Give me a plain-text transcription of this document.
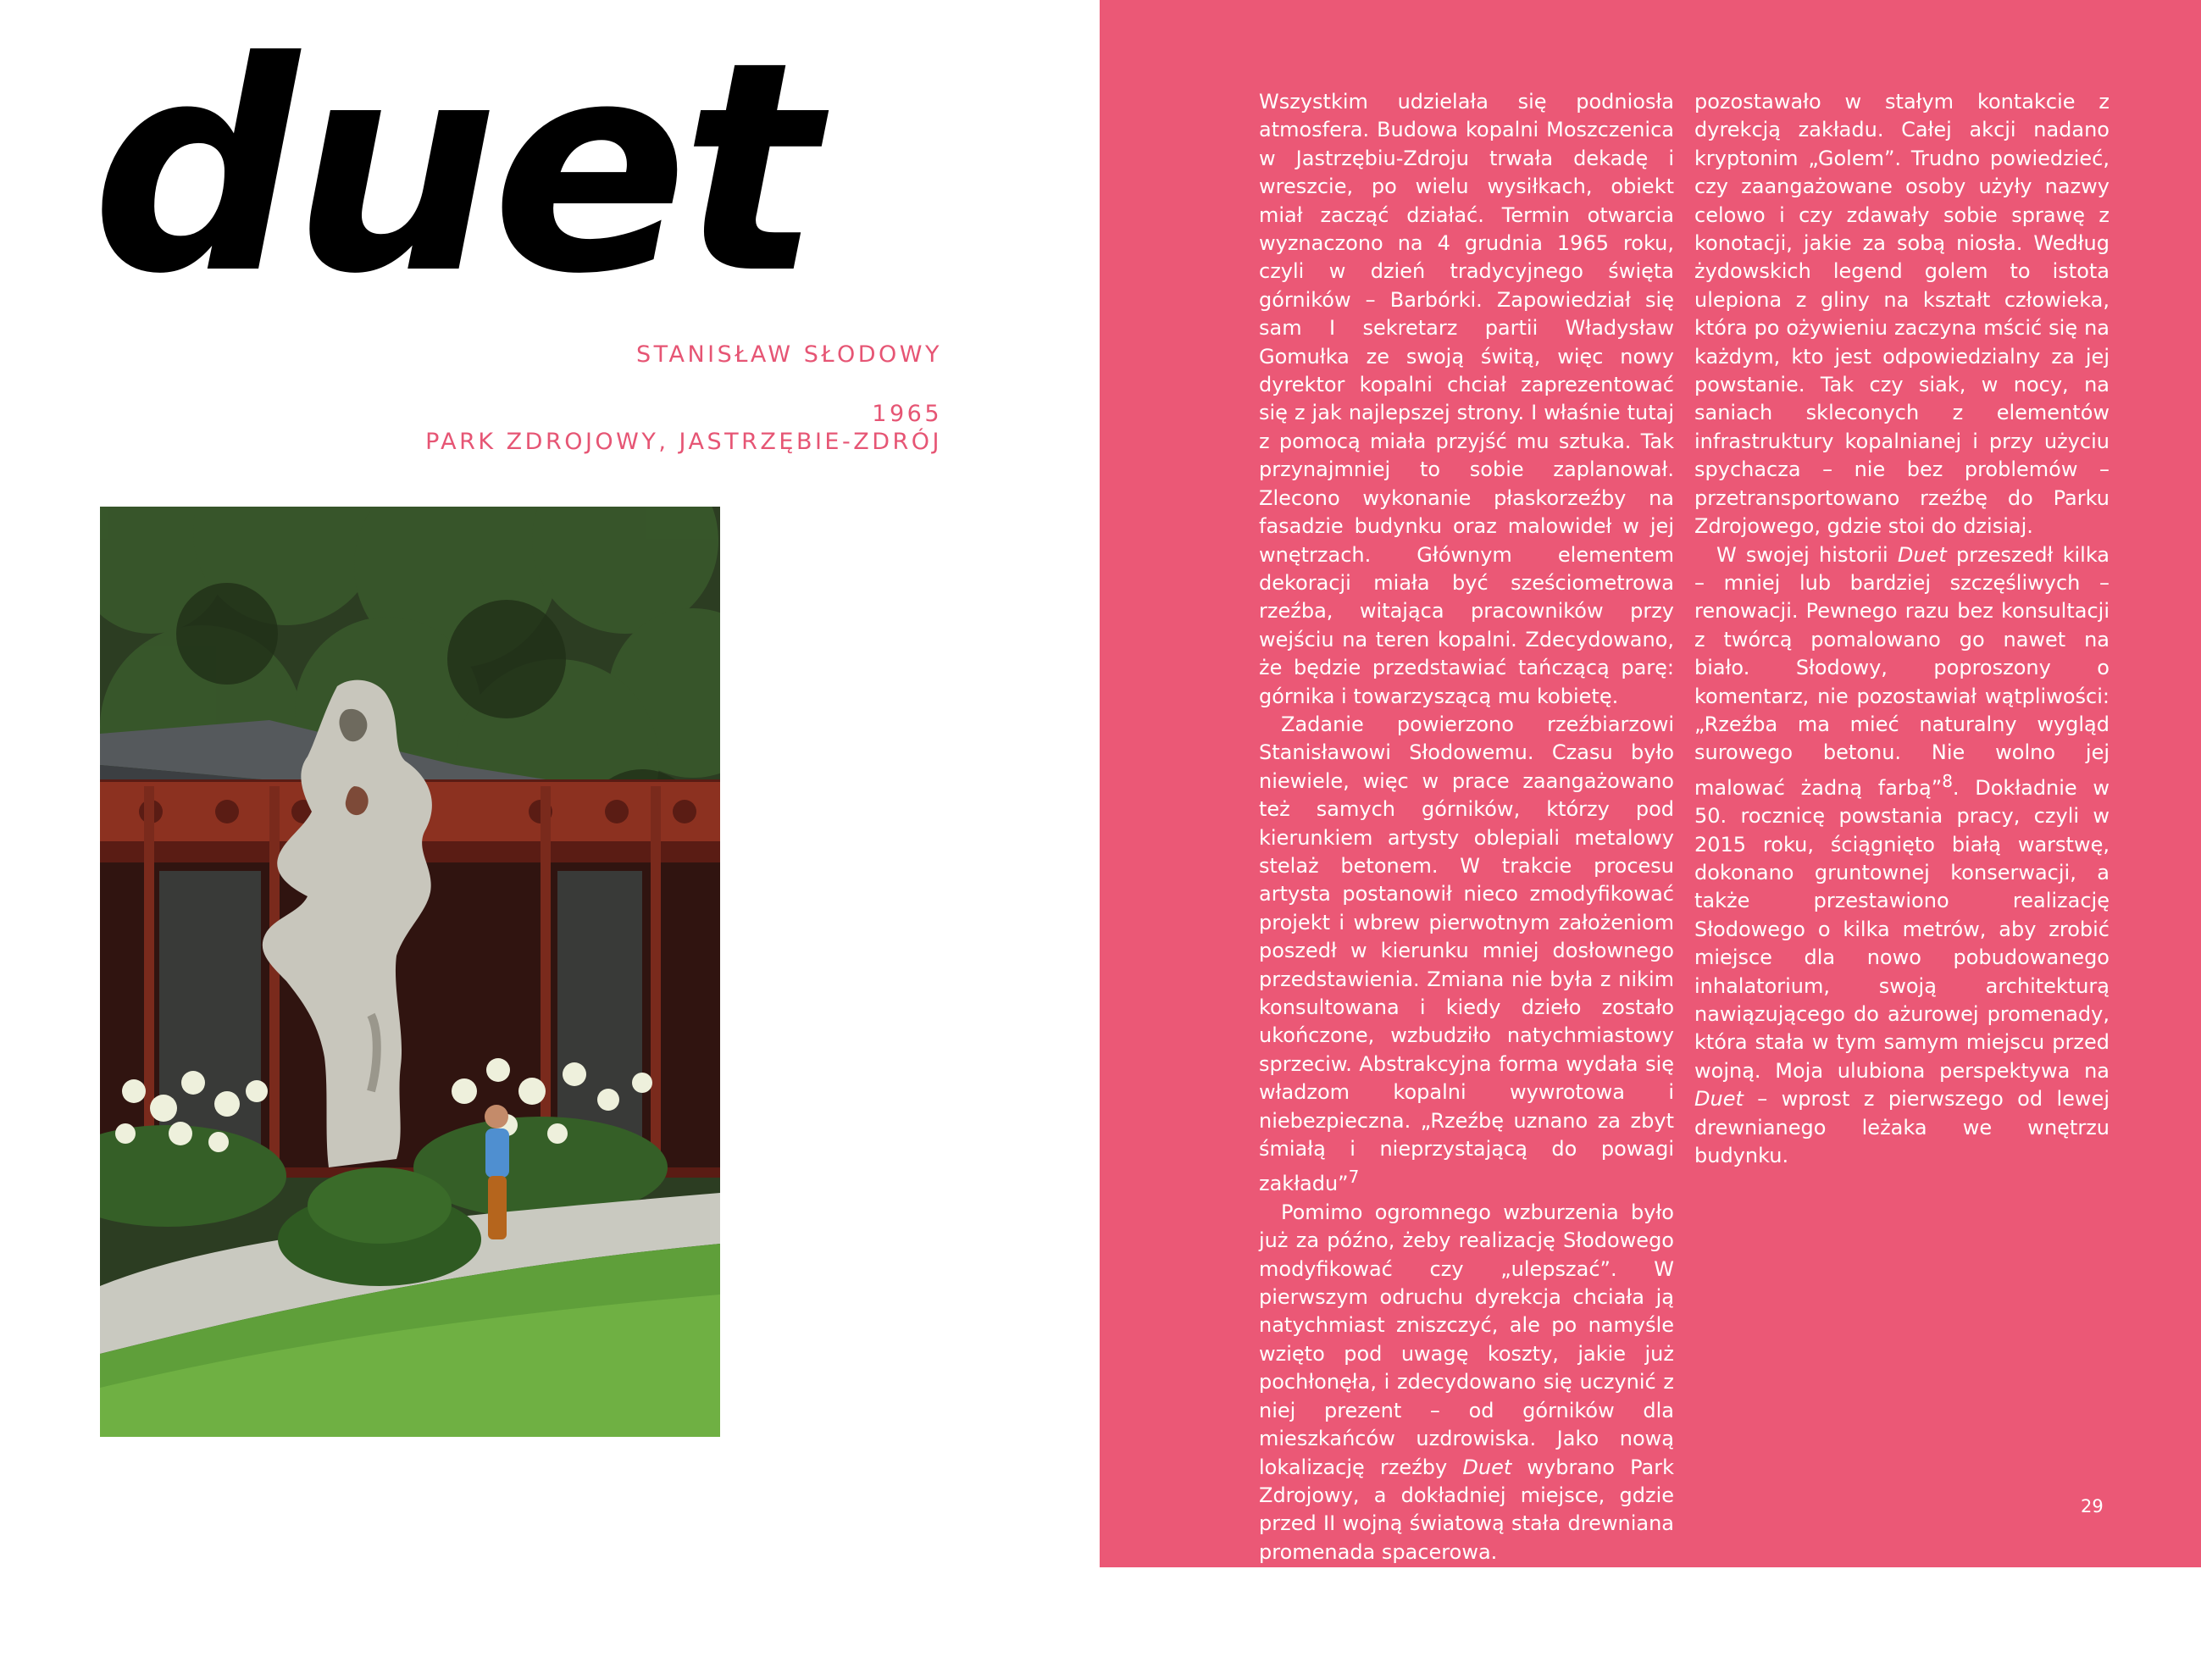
duet

STANISŁAW SŁODOWY

1965

PARK ZDROJOWY, JASTRZĘBIE-ZDRÓJ

Wszystkim udzielała się podniosła atmosfera. Budowa kopalni Moszczenica w Jastrzębiu-Zdroju trwała dekadę i wreszcie, po wielu wysiłkach, obiekt miał zacząć działać. Termin otwarcia wyznaczono na 4 grudnia 1965 roku, czyli w dzień tradycyjnego święta górników – Barbórki. Zapowiedział się sam I sekretarz partii Władysław Gomułka ze swoją świtą, więc nowy dyrektor kopalni chciał zaprezentować się z jak najlepszej strony. I właśnie tutaj z pomocą miała przyjść mu sztuka. Tak przynajmniej to sobie zaplanował. Zlecono wykonanie płaskorzeźby na fasadzie budynku oraz malowideł w jej wnętrzach. Głównym elementem dekoracji miała być sześciometrowa rzeźba, witająca pracowników przy wejściu na teren kopalni. Zdecydowano, że będzie przedstawiać tańczącą parę: górnika i towarzyszącą mu kobietę.

Zadanie powierzono rzeźbiarzowi Stanisławowi Słodowemu. Czasu było niewiele, więc w prace zaangażowano też samych górników, którzy pod kierunkiem artysty oblepiali metalowy stelaż betonem. W trakcie procesu artysta postanowił nieco zmodyfikować projekt i wbrew pierwotnym założeniom poszedł w kierunku mniej dosłownego przedstawienia. Zmiana nie była z nikim konsultowana i kiedy dzieło zostało ukończone, wzbudziło natychmiastowy sprzeciw. Abstrakcyjna forma wydała się władzom kopalni wywrotowa i niebezpieczna. „Rzeźbę uznano za zbyt śmiałą i nieprzystającą do powagi zakładu”$^7$

Pomimo ogromnego wzburzenia było już za późno, żeby realizację Słodowego modyfikować czy „ulepszać”. W pierwszym odruchu dyrekcja chciała ją natychmiast zniszczyć, ale po namyśle wzięto pod uwagę koszty, jakie już pochłonęła, i zdecydowano się uczynić z niej prezent – od górników dla mieszkańców uzdrowiska. Jako nową lokalizację rzeźby Duet wybrano Park Zdrojowy, a dokładniej miejsce, gdzie przed II wojną światową stała drewniana promenada spacerowa.

Sprawa była na tyle poważna, że zaangażowało się w nią nawet Ministerstwo Górnictwa. Do momentu ustawienia rzeźby w parku

pozostawało w stałym kontakcie z dyrekcją zakładu. Całej akcji nadano kryptonim „Golem”. Trudno powiedzieć, czy zaangażowane osoby użyły nazwy celowo i czy zdawały sobie sprawę z konotacji, jakie za sobą niosła. Według żydowskich legend golem to istota ulepiona z gliny na kształt człowieka, która po ożywieniu zaczyna mścić się na każdym, kto jest odpowiedzialny za jej powstanie. Tak czy siak, w nocy, na saniach skleconych z elementów infrastruktury kopalnianej i przy użyciu spychacza – nie bez problemów – przetransportowano rzeźbę do Parku Zdrojowego, gdzie stoi do dzisiaj.

W swojej historii Duet przeszedł kilka – mniej lub bardziej szczęśliwych – renowacji. Pewnego razu bez konsultacji z twórcą pomalowano go nawet na biało. Słodowy, poproszony o komentarz, nie pozostawiał wątpliwości: „Rzeźba ma mieć naturalny wygląd surowego betonu. Nie wolno jej malować żadną farbą”$^8$. Dokładnie w 50. rocznicę powstania pracy, czyli w 2015 roku, ściągnięto białą warstwę, dokonano gruntownej konserwacji, a także przestawiono realizację Słodowego o kilka metrów, aby zrobić miejsce dla nowo pobudowanego inhalatorium, swoją architekturą nawiązującego do ażurowej promenady, która stała w tym samym miejscu przed wojną. Moja ulubiona perspektywa na Duet – wprost z pierwszego od lewej drewnianego leżaka we wnętrzu budynku.

29
